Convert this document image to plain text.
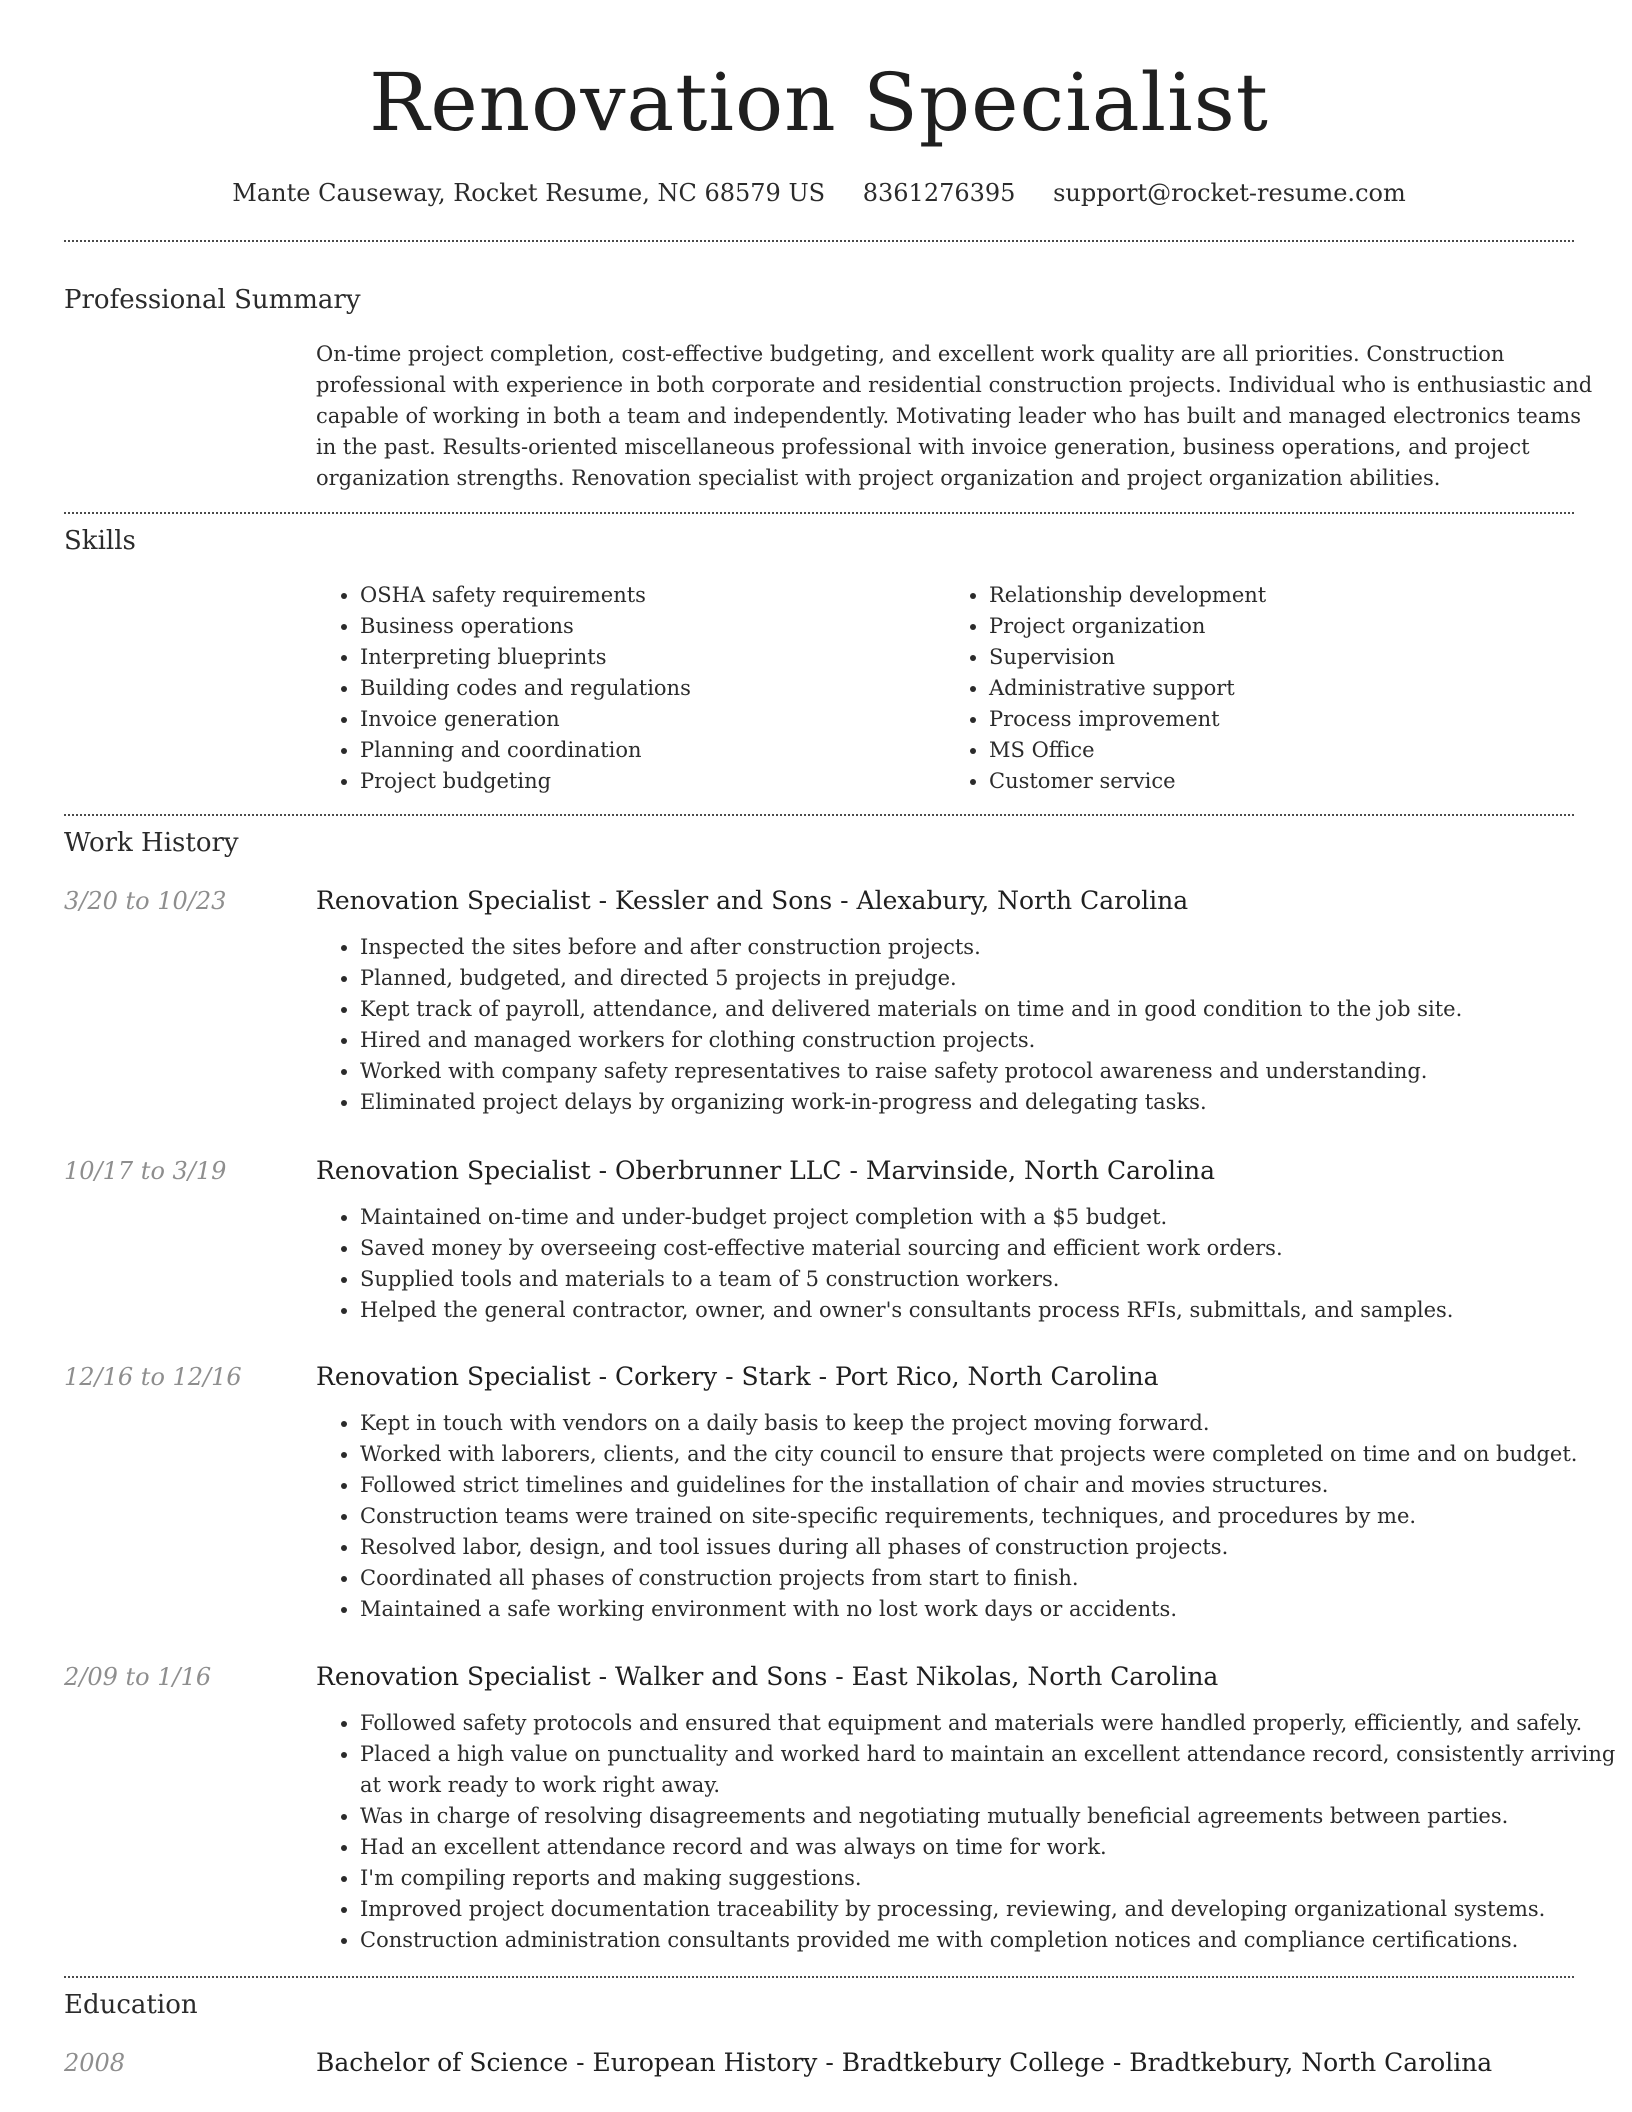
Renovation Specialist
Mante Causeway, Rocket Resume, NC 68579 US 8361276395 support@rocket-resume.com
Professional Summary

On-time project completion, cost-effective budgeting, and excellent work quality are all priorities. Construction professional with experience in both corporate and residential construction projects. Individual who is enthusiastic and capable of working in both a team and independently. Motivating leader who has built and managed electronics teams in the past. Results-oriented miscellaneous professional with invoice generation, business operations, and project organization strengths. Renovation specialist with project organization and project organization abilities.

Skills
• OSHA safety requirements
• Business operations
• Interpreting blueprints
• Building codes and regulations
• Invoice generation
• Planning and coordination
• Project budgeting
• Relationship development
• Project organization
• Supervision
• Administrative support
• Process improvement
• MS Office
• Customer service
Work History
3/20 to 10/23	Renovation Specialist - Kessler and Sons - Alexabury, North Carolina
• Inspected the sites before and after construction projects.
• Planned, budgeted, and directed 5 projects in prejudge.
• Kept track of payroll, attendance, and delivered materials on time and in good condition to the job site.
• Hired and managed workers for clothing construction projects.
• Worked with company safety representatives to raise safety protocol awareness and understanding.
• Eliminated project delays by organizing work-in-progress and delegating tasks.
10/17 to 3/19	Renovation Specialist - Oberbrunner LLC - Marvinside, North Carolina
• Maintained on-time and under-budget project completion with a $5 budget.
• Saved money by overseeing cost-effective material sourcing and efficient work orders.
• Supplied tools and materials to a team of 5 construction workers.
• Helped the general contractor, owner, and owner's consultants process RFIs, submittals, and samples.
12/16 to 12/16	Renovation Specialist - Corkery - Stark - Port Rico, North Carolina
• Kept in touch with vendors on a daily basis to keep the project moving forward.
• Worked with laborers, clients, and the city council to ensure that projects were completed on time and on budget.
• Followed strict timelines and guidelines for the installation of chair and movies structures.
• Construction teams were trained on site-specific requirements, techniques, and procedures by me.
• Resolved labor, design, and tool issues during all phases of construction projects.
• Coordinated all phases of construction projects from start to finish.
• Maintained a safe working environment with no lost work days or accidents.
2/09 to 1/16	Renovation Specialist - Walker and Sons - East Nikolas, North Carolina
• Followed safety protocols and ensured that equipment and materials were handled properly, efficiently, and safely.
• Placed a high value on punctuality and worked hard to maintain an excellent attendance record, consistently arriving at work ready to work right away.
• Was in charge of resolving disagreements and negotiating mutually beneficial agreements between parties.
• Had an excellent attendance record and was always on time for work.
• I'm compiling reports and making suggestions.
• Improved project documentation traceability by processing, reviewing, and developing organizational systems.
• Construction administration consultants provided me with completion notices and compliance certifications.
Education
2008	Bachelor of Science - European History - Bradtkebury College - Bradtkebury, North Carolina
